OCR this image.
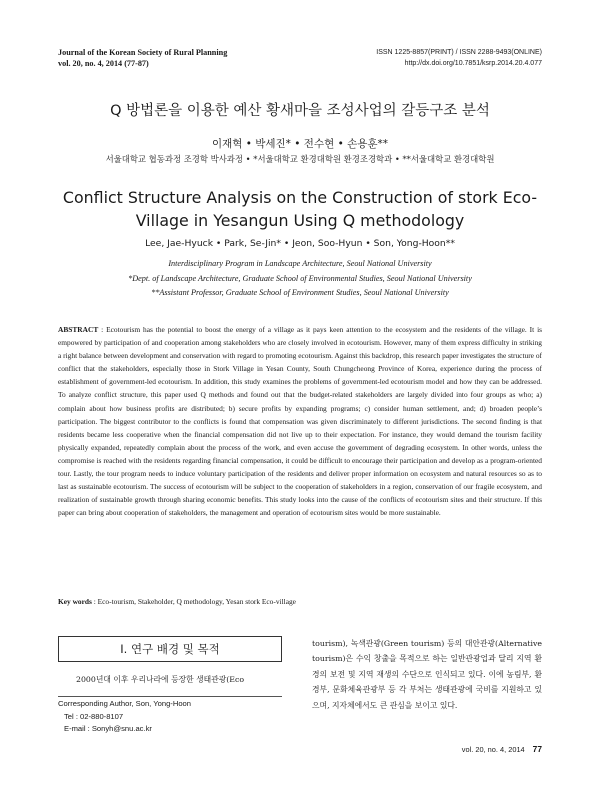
Journal of the Korean Society of Rural Planning
vol. 20, no. 4, 2014 (77-87)
ISSN 1225-8857(PRINT) / ISSN 2288-9493(ONLINE)
http://dx.doi.org/10.7851/ksrp.2014.20.4.077
Q 방법론을 이용한 예산 황새마을 조성사업의 갈등구조 분석
이재혁 • 박세진* • 전수현 • 손용훈**
서울대학교 협동과정 조경학 박사과정 • *서울대학교 환경대학원 환경조경학과 • **서울대학교 환경대학원
Conflict Structure Analysis on the Construction of stork Eco-Village in Yesangun Using Q methodology
Lee, Jae-Hyuck • Park, Se-Jin* • Jeon, Soo-Hyun • Son, Yong-Hoon**
Interdisciplinary Program in Landscape Architecture, Seoul National University
*Dept. of Landscape Architecture, Graduate School of Environmental Studies, Seoul National University
**Assistant Professor, Graduate School of Environment Studies, Seoul National University
ABSTRACT : Ecotourism has the potential to boost the energy of a village as it pays keen attention to the ecosystem and the residents of the village. It is empowered by participation of and cooperation among stakeholders who are closely involved in ecotourism. However, many of them express difficulty in striking a right balance between development and conservation with regard to promoting ecotourism. Against this backdrop, this research paper investigates the structure of conflict that the stakeholders, especially those in Stork Village in Yesan County, South Chungcheong Province of Korea, experience during the process of establishment of government-led ecotourism. In addition, this study examines the problems of government-led ecotourism model and how they can be addressed. To analyze conflict structure, this paper used Q methods and found out that the budget-related stakeholders are largely divided into four groups as who; a) complain about how business profits are distributed; b) secure profits by expanding programs; c) consider human settlement, and; d) broaden people’s participation. The biggest contributor to the conflicts is found that compensation was given discriminately to different jurisdictions. The second finding is that residents became less cooperative when the financial compensation did not live up to their expectation. For instance, they would demand the tourism facility physically expanded, repeatedly complain about the process of the work, and even accuse the government of degrading ecosystem. In other words, unless the compromise is reached with the residents regarding financial compensation, it could be difficult to encourage their participation and develop as a program-oriented tour. Lastly, the tour program needs to induce voluntary participation of the residents and deliver proper information on ecosystem and natural resources so as to last as sustainable ecotourism. The success of ecotourism will be subject to the cooperation of stakeholders in a region, conservation of our fragile ecosystem, and realization of sustainable growth through sharing economic benefits. This study looks into the cause of the conflicts of ecotourism sites and their structure. If this paper can bring about cooperation of stakeholders, the management and operation of ecotourism sites would be more sustainable.
Key words : Eco-tourism, Stakeholder, Q methodology, Yesan stork Eco-village
Ⅰ. 연구 배경 및 목적
2000년대 이후 우리나라에 등장한 생태관광(Eco
Corresponding Author, Son, Yong-Hoon
Tel : 02-880-8107
E-mail : Sonyh@snu.ac.kr
tourism), 녹색관광(Green tourism) 등의 대안관광(Alternative tourism)은 수익 창출을 목적으로 하는 일반관광업과 달리 지역 환경의 보전 및 지역 재생의 수단으로 인식되고 있다. 이에 농림부, 환경부, 문화체육관광부 등 각 부처는 생태관광에 국비를 지원하고 있으며, 지자체에서도 큰 관심을 보이고 있다.
vol. 20, no. 4, 2014 77
